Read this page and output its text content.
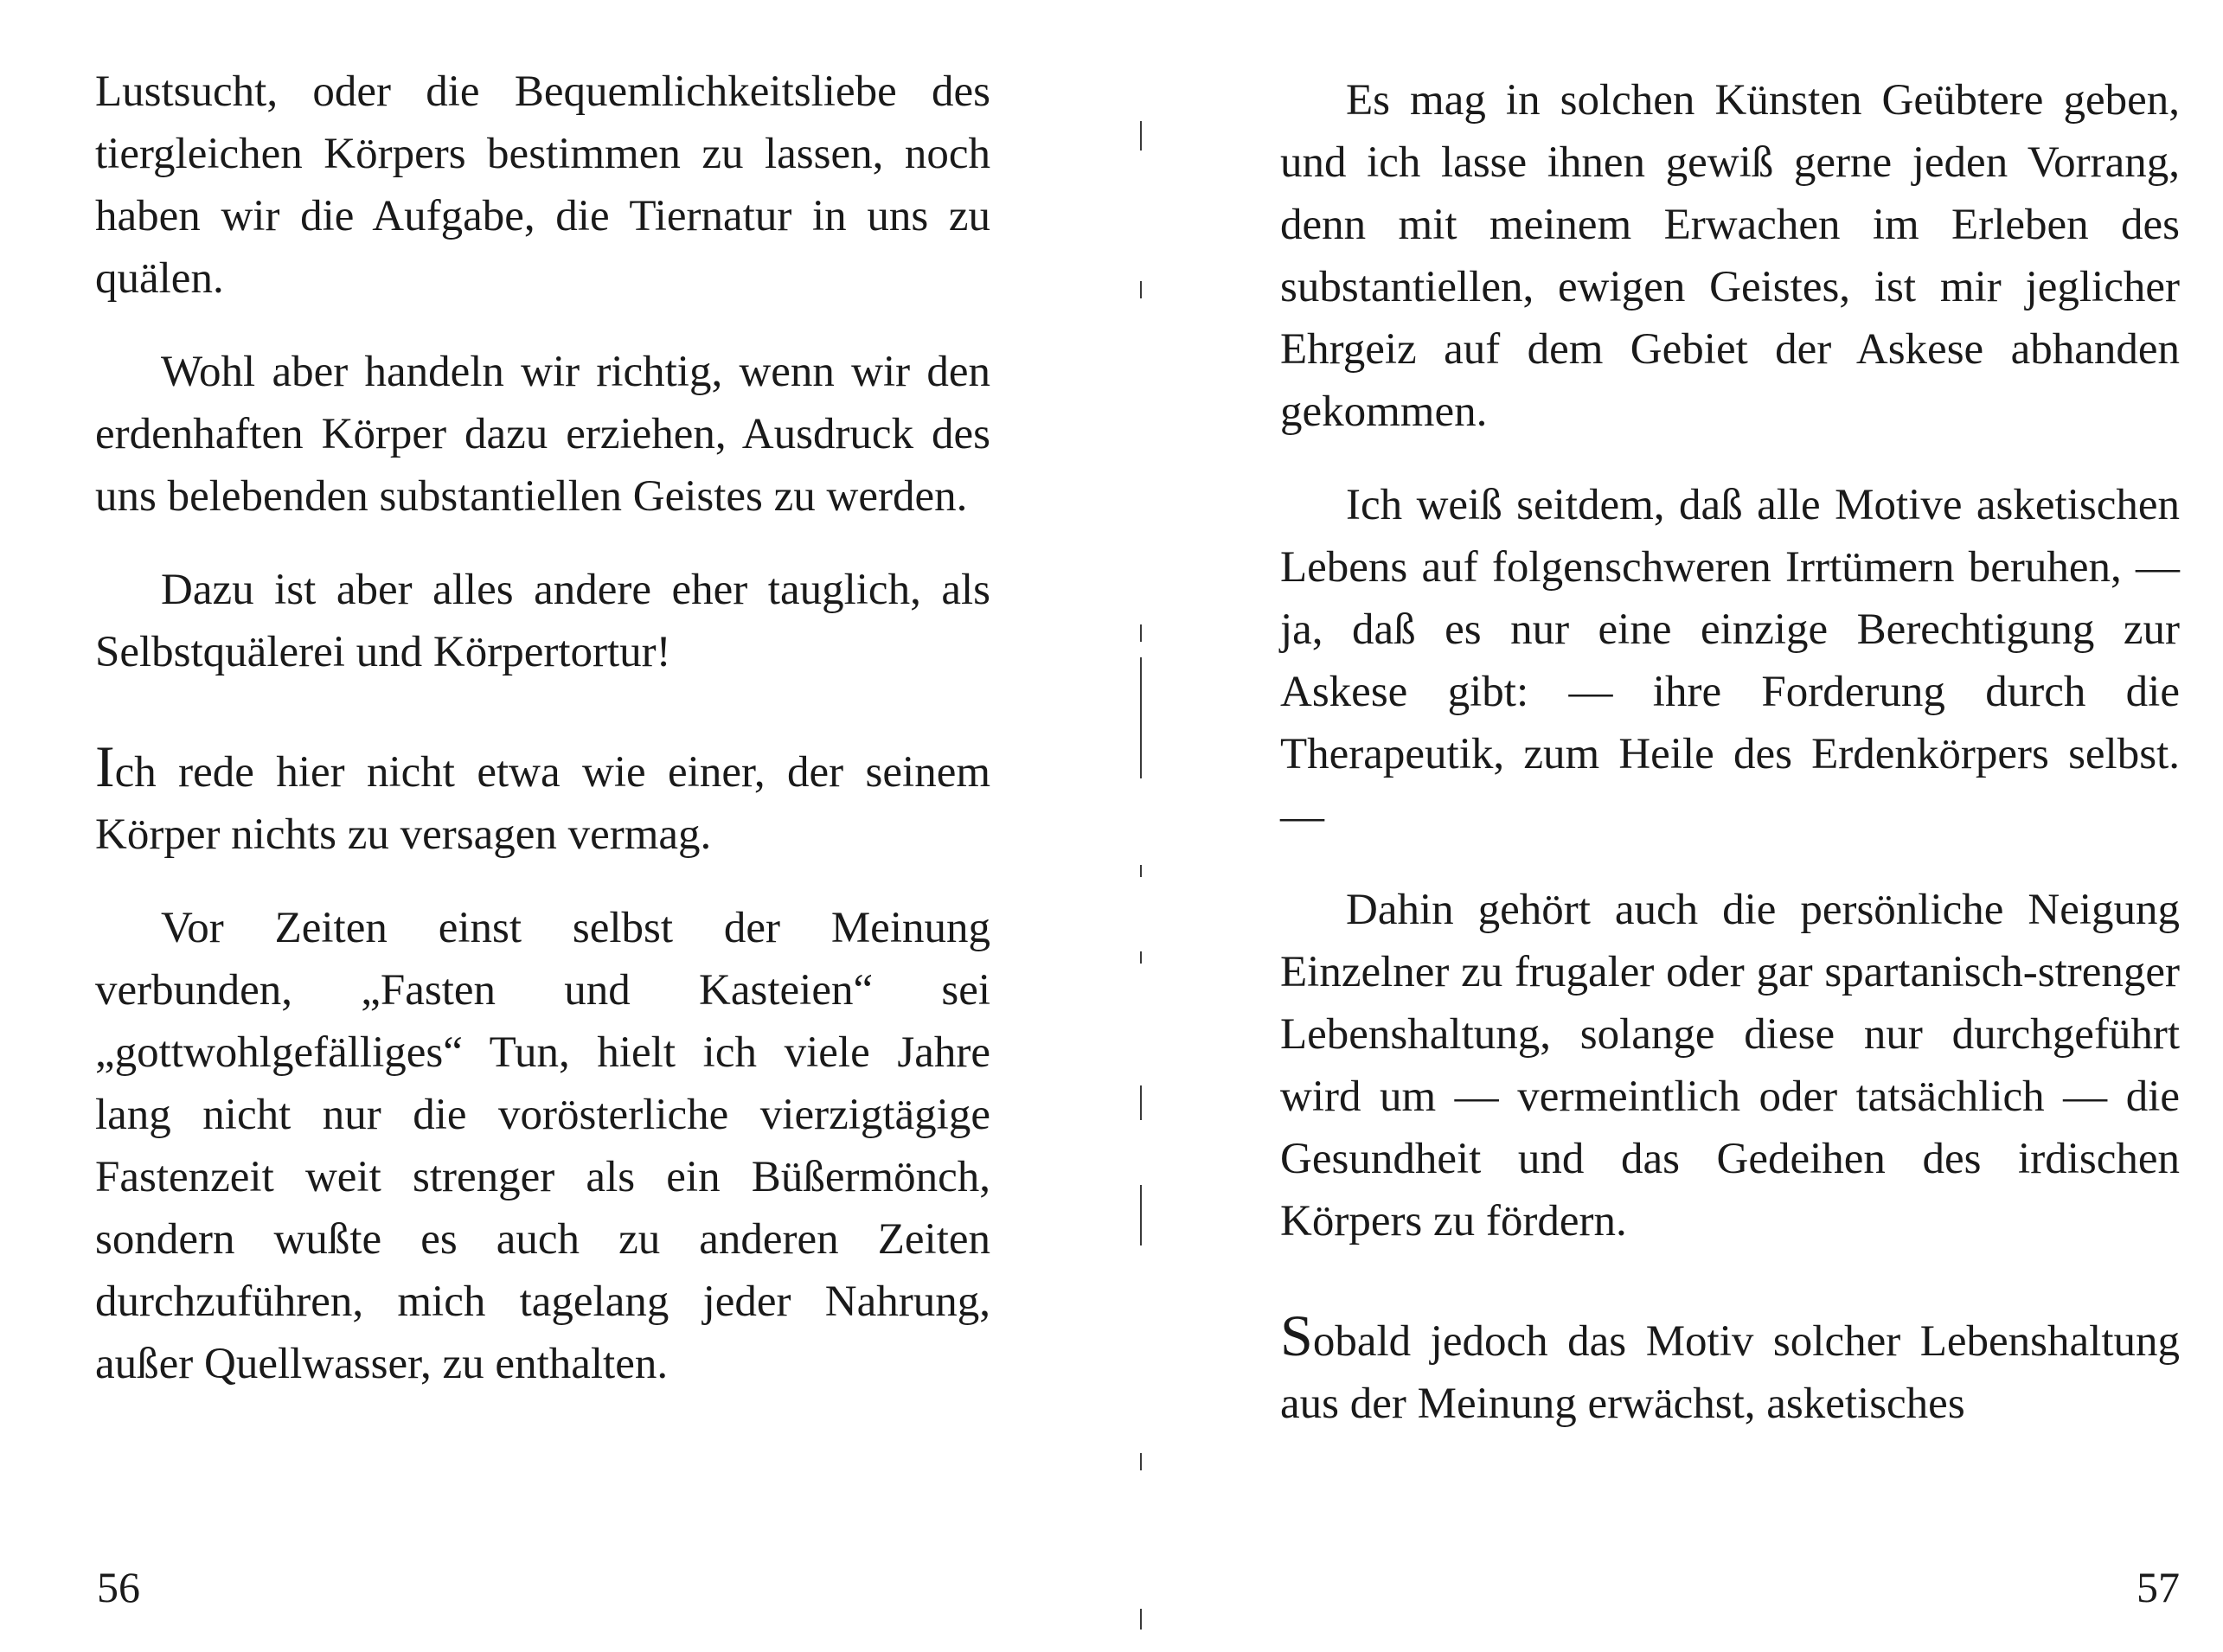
Lustsucht, oder die Bequemlichkeitsliebe des tiergleichen Körpers bestimmen zu lassen, noch haben wir die Aufgabe, die Tiernatur in uns zu quälen.

Wohl aber handeln wir richtig, wenn wir den erdenhaften Körper dazu erziehen, Ausdruck des uns belebenden substantiellen Geistes zu werden.

Dazu ist aber alles andere eher tauglich, als Selbstquälerei und Körpertortur!

Ich rede hier nicht etwa wie einer, der seinem Körper nichts zu versagen vermag.

Vor Zeiten einst selbst der Meinung verbunden, „Fasten und Kasteien“ sei „gottwohlgefälliges“ Tun, hielt ich viele Jahre lang nicht nur die vorösterliche vierzigtägige Fastenzeit weit strenger als ein Büßermönch, sondern wußte es auch zu anderen Zeiten durchzuführen, mich tagelang jeder Nahrung, außer Quellwasser, zu enthalten.

56

Es mag in solchen Künsten Geübtere geben, und ich lasse ihnen gewiß gerne jeden Vorrang, denn mit meinem Erwachen im Erleben des substantiellen, ewigen Geistes, ist mir jeglicher Ehrgeiz auf dem Gebiet der Askese abhanden gekommen.

Ich weiß seitdem, daß alle Motive asketischen Lebens auf folgenschweren Irrtümern beruhen, — ja, daß es nur eine einzige Berechtigung zur Askese gibt: — ihre Forderung durch die Therapeutik, zum Heile des Erdenkörpers selbst. —

Dahin gehört auch die persönliche Neigung Einzelner zu frugaler oder gar spartanisch-strenger Lebenshaltung, solange diese nur durchgeführt wird um — vermeintlich oder tatsächlich — die Gesundheit und das Gedeihen des irdischen Körpers zu fördern.

Sobald jedoch das Motiv solcher Lebenshaltung aus der Meinung erwächst, asketisches

57
